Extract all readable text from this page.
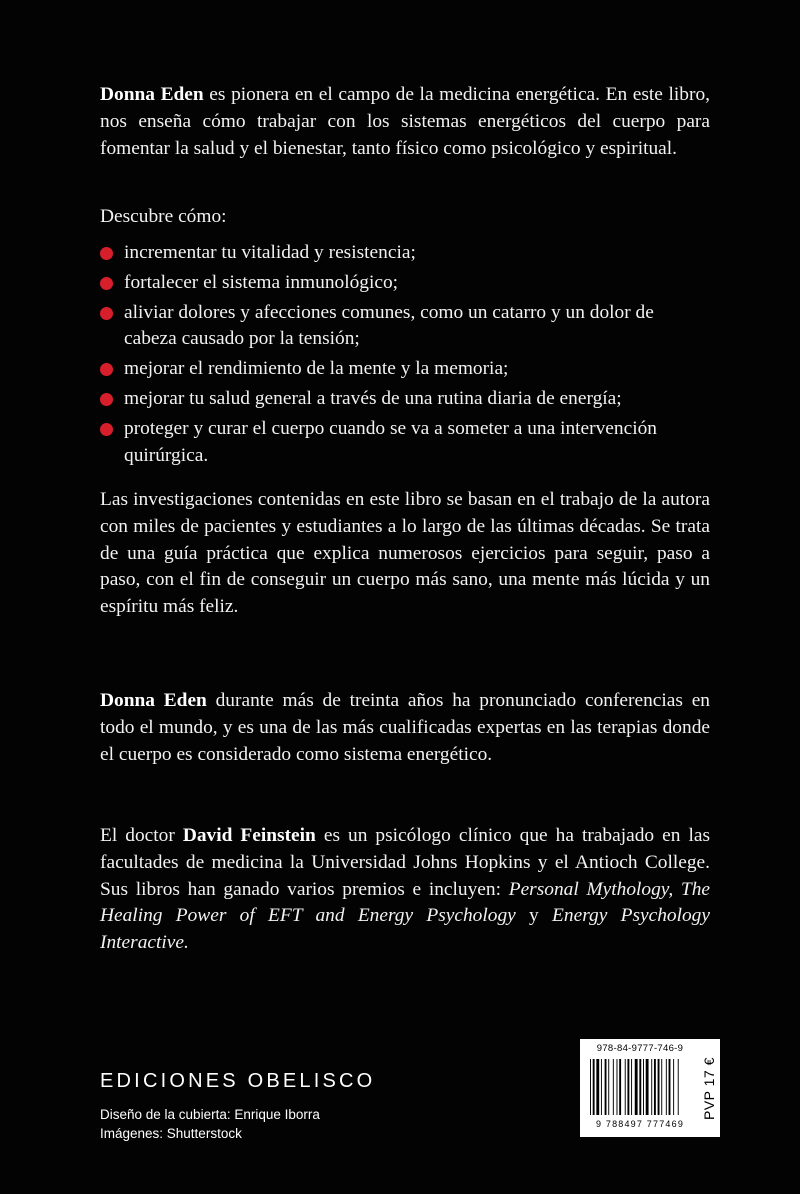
Donna Eden es pionera en el campo de la medicina energética. En este libro, nos enseña cómo trabajar con los sistemas energéticos del cuerpo para fomentar la salud y el bienestar, tanto físico como psicológico y espiritual.

Descubre cómo:
incrementar tu vitalidad y resistencia;
fortalecer el sistema inmunológico;
aliviar dolores y afecciones comunes, como un catarro y un dolor de cabeza causado por la tensión;
mejorar el rendimiento de la mente y la memoria;
mejorar tu salud general a través de una rutina diaria de energía;
proteger y curar el cuerpo cuando se va a someter a una intervención quirúrgica.

Las investigaciones contenidas en este libro se basan en el trabajo de la autora con miles de pacientes y estudiantes a lo largo de las últimas décadas. Se trata de una guía práctica que explica numerosos ejercicios para seguir, paso a paso, con el fin de conseguir un cuerpo más sano, una mente más lúcida y un espíritu más feliz.

Donna Eden durante más de treinta años ha pronunciado conferencias en todo el mundo, y es una de las más cualificadas expertas en las terapias donde el cuerpo es considerado como sistema energético.

El doctor David Feinstein es un psicólogo clínico que ha trabajado en las facultades de medicina la Universidad Johns Hopkins y el Antioch College. Sus libros han ganado varios premios e incluyen: Personal Mythology, The Healing Power of EFT and Energy Psychology y Energy Psychology Interactive.

EDICIONES OBELISCO
Diseño de la cubierta: Enrique Iborra
Imágenes: Shutterstock
978-84-9777-746-9
9 788497 777469
PVP 17 €
